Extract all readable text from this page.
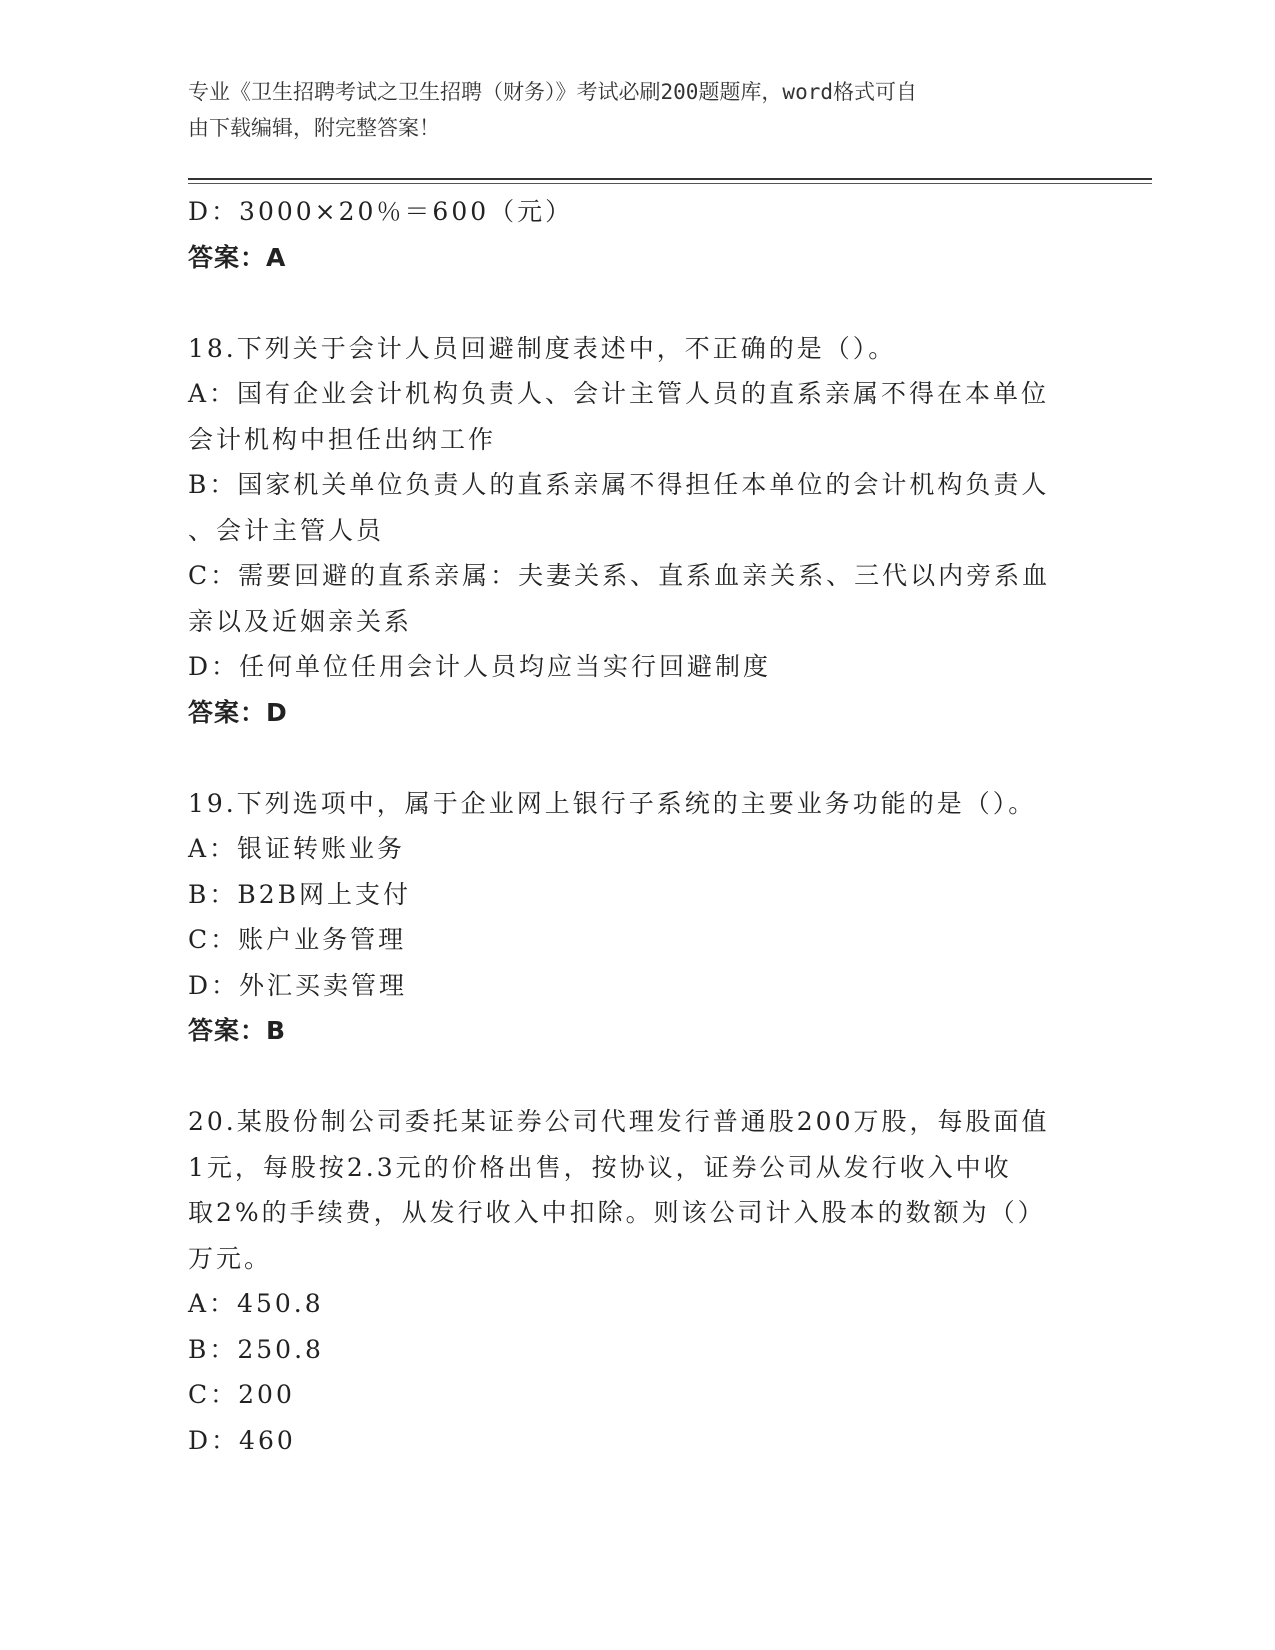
专业《卫生招聘考试之卫生招聘（财务）》考试必刷200题题库，word格式可自
由下载编辑，附完整答案！
D：3000×20％＝600（元）
答案：A
18.下列关于会计人员回避制度表述中，不正确的是（）。
A：国有企业会计机构负责人、会计主管人员的直系亲属不得在本单位
会计机构中担任出纳工作
B：国家机关单位负责人的直系亲属不得担任本单位的会计机构负责人
、会计主管人员
C：需要回避的直系亲属：夫妻关系、直系血亲关系、三代以内旁系血
亲以及近姻亲关系
D：任何单位任用会计人员均应当实行回避制度
答案：D
19.下列选项中，属于企业网上银行子系统的主要业务功能的是（）。
A：银证转账业务
B：B2B网上支付
C：账户业务管理
D：外汇买卖管理
答案：B
20.某股份制公司委托某证券公司代理发行普通股200万股，每股面值
1元，每股按2.3元的价格出售，按协议，证券公司从发行收入中收
取2%的手续费，从发行收入中扣除。则该公司计入股本的数额为（）
万元。
A：450.8
B：250.8
C：200
D：460
